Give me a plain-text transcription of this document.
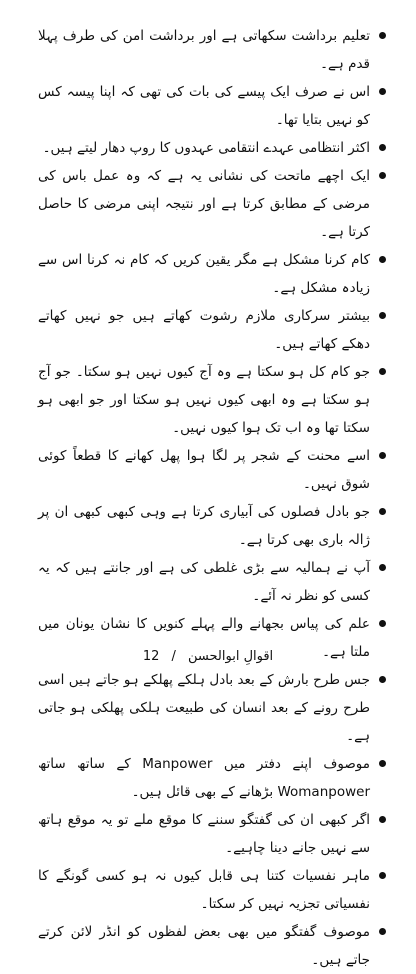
تعلیم برداشت سکھاتی ہے اور برداشت امن کی طرف پہلا قدم ہے۔
اس نے صرف ایک پیسے کی بات کی تھی کہ اپنا پیسہ کس کو نہیں بتایا تھا۔
اکثر انتظامی عہدے انتقامی عہدوں کا روپ دھار لیتے ہیں۔
ایک اچھے ماتحت کی نشانی یہ ہے کہ وہ عمل باس کی مرضی کے مطابق کرتا ہے اور نتیجہ اپنی مرضی کا حاصل کرتا ہے۔
کام کرنا مشکل ہے مگر یقین کریں کہ کام نہ کرنا اس سے زیادہ مشکل ہے۔
بیشتر سرکاری ملازم رشوت کھاتے ہیں جو نہیں کھاتے دھکے کھاتے ہیں۔
جو کام کل ہو سکتا ہے وہ آج کیوں نہیں ہو سکتا۔ جو آج ہو سکتا ہے وہ ابھی کیوں نہیں ہو سکتا اور جو ابھی ہو سکتا تھا وہ اب تک ہوا کیوں نہیں۔
اسے محنت کے شجر پر لگا ہوا پھل کھانے کا قطعاً کوئی شوق نہیں۔
جو بادل فصلوں کی آبیاری کرتا ہے وہی کبھی کبھی ان پر ژالہ باری بھی کرتا ہے۔
آپ نے ہمالیہ سے بڑی غلطی کی ہے اور جانتے ہیں کہ یہ کسی کو نظر نہ آئے۔
علم کی پیاس بجھانے والے پہلے کنویں کا نشان یونان میں ملتا ہے۔
جس طرح بارش کے بعد بادل ہلکے پھلکے ہو جاتے ہیں اسی طرح رونے کے بعد انسان کی طبیعت ہلکی پھلکی ہو جاتی ہے۔
موصوف اپنے دفتر میں Manpower کے ساتھ ساتھ Womanpower بڑھانے کے بھی قائل ہیں۔
اگر کبھی ان کی گفتگو سننے کا موقع ملے تو یہ موقع ہاتھ سے نہیں جانے دینا چاہیے۔
ماہر نفسیات کتنا ہی قابل کیوں نہ ہو کسی گونگے کا نفسیاتی تجزیہ نہیں کر سکتا۔
موصوف گفتگو میں بھی بعض لفظوں کو انڈر لائن کرتے جاتے ہیں۔
اقوالِ ابوالحسن / 12
